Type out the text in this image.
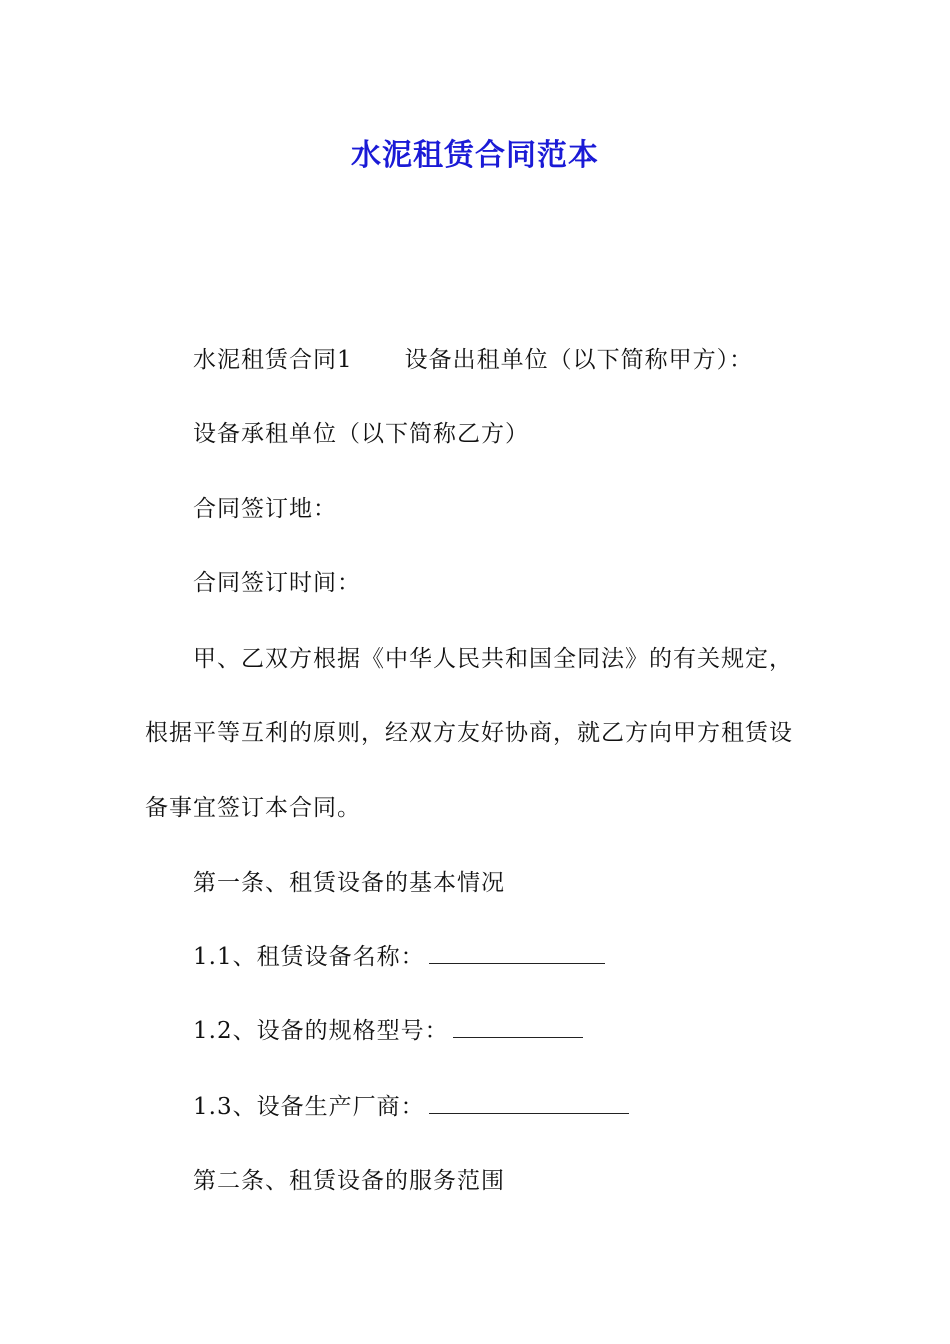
水泥租赁合同范本
水泥租赁合同1 设备出租单位（以下简称甲方）：
设备承租单位（以下简称乙方）
合同签订地：
合同签订时间：
甲、乙双方根据《中华人民共和国全同法》的有关规定，
根据平等互利的原则，经双方友好协商，就乙方向甲方租赁设
备事宜签订本合同。
第一条、租赁设备的基本情况
1.1、租赁设备名称：
1.2、设备的规格型号：
1.3、设备生产厂商：
第二条、租赁设备的服务范围
